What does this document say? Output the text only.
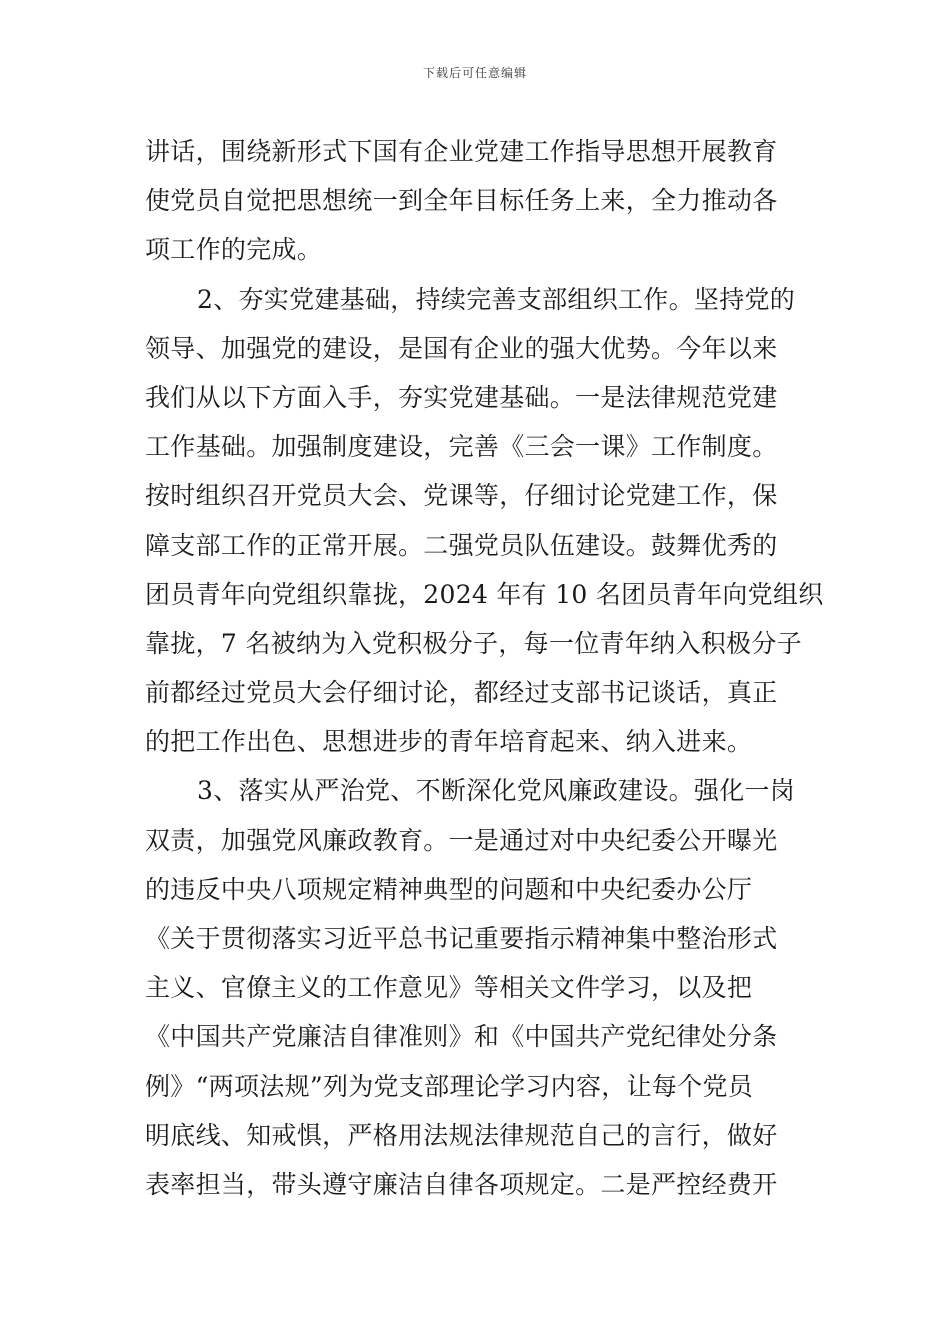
下载后可任意编辑
讲话，围绕新形式下国有企业党建工作指导思想开展教育
使党员自觉把思想统一到全年目标任务上来，全力推动各
项工作的完成。
2、夯实党建基础，持续完善支部组织工作。坚持党的
领导、加强党的建设，是国有企业的强大优势。今年以来
我们从以下方面入手，夯实党建基础。一是法律规范党建
工作基础。加强制度建设，完善《三会一课》工作制度。
按时组织召开党员大会、党课等，仔细讨论党建工作，保
障支部工作的正常开展。二强党员队伍建设。鼓舞优秀的
团员青年向党组织靠拢，2024 年有 10 名团员青年向党组织
靠拢，7 名被纳为入党积极分子，每一位青年纳入积极分子
前都经过党员大会仔细讨论，都经过支部书记谈话，真正
的把工作出色、思想进步的青年培育起来、纳入进来。
3、落实从严治党、不断深化党风廉政建设。强化一岗
双责，加强党风廉政教育。一是通过对中央纪委公开曝光
的违反中央八项规定精神典型的问题和中央纪委办公厅
《关于贯彻落实习近平总书记重要指示精神集中整治形式
主义、官僚主义的工作意见》等相关文件学习，以及把
《中国共产党廉洁自律准则》和《中国共产党纪律处分条
例》“两项法规”列为党支部理论学习内容，让每个党员
明底线、知戒惧，严格用法规法律规范自己的言行，做好
表率担当，带头遵守廉洁自律各项规定。二是严控经费开
